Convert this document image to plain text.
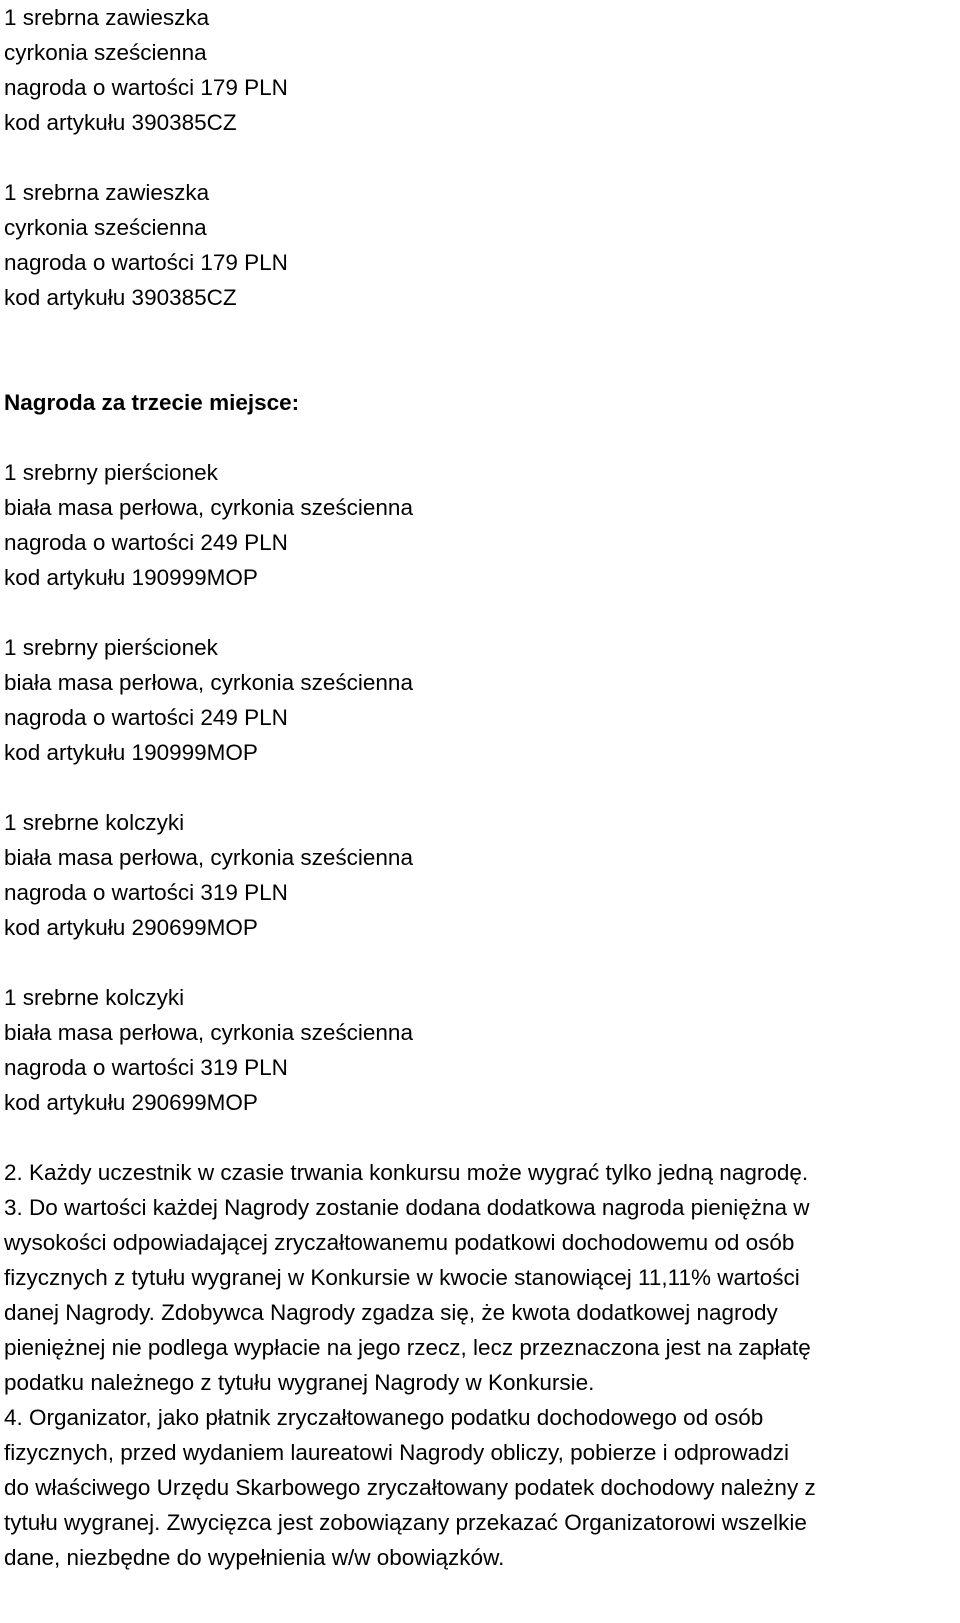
1 srebrna zawieszka

cyrkonia sześcienna

nagroda o wartości 179 PLN

kod artykułu 390385CZ

1 srebrna zawieszka

cyrkonia sześcienna

nagroda o wartości 179 PLN

kod artykułu 390385CZ

Nagroda za trzecie miejsce:

1 srebrny pierścionek

biała masa perłowa, cyrkonia sześcienna

nagroda o wartości 249 PLN

kod artykułu 190999MOP

1 srebrny pierścionek

biała masa perłowa, cyrkonia sześcienna

nagroda o wartości 249 PLN

kod artykułu 190999MOP

1 srebrne kolczyki

biała masa perłowa, cyrkonia sześcienna

nagroda o wartości 319 PLN

kod artykułu 290699MOP

1 srebrne kolczyki

biała masa perłowa, cyrkonia sześcienna

nagroda o wartości 319 PLN

kod artykułu 290699MOP

2. Każdy uczestnik w czasie trwania konkursu może wygrać tylko jedną nagrodę.

3. Do wartości każdej Nagrody zostanie dodana dodatkowa nagroda pieniężna w

wysokości odpowiadającej zryczałtowanemu podatkowi dochodowemu od osób

fizycznych z tytułu wygranej w Konkursie w kwocie stanowiącej 11,11% wartości

danej Nagrody. Zdobywca Nagrody zgadza się, że kwota dodatkowej nagrody

pieniężnej nie podlega wypłacie na jego rzecz, lecz przeznaczona jest na zapłatę

podatku należnego z tytułu wygranej Nagrody w Konkursie.

4. Organizator, jako płatnik zryczałtowanego podatku dochodowego od osób

fizycznych, przed wydaniem laureatowi Nagrody obliczy, pobierze i odprowadzi

do właściwego Urzędu Skarbowego zryczałtowany podatek dochodowy należny z

tytułu wygranej. Zwycięzca jest zobowiązany przekazać Organizatorowi wszelkie

dane, niezbędne do wypełnienia w/w obowiązków.
